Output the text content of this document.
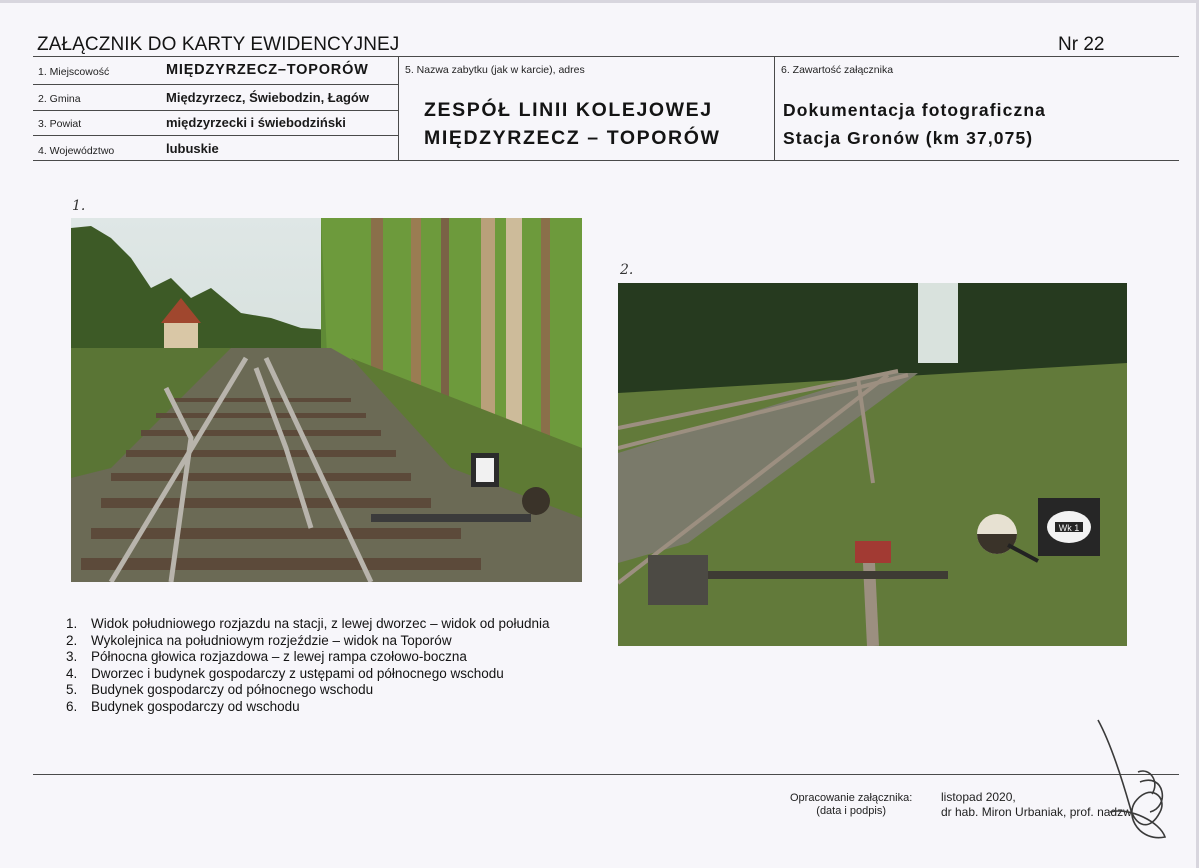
ZAŁĄCZNIK DO KARTY EWIDENCYJNEJ	Nr 22
1. Miejscowość	MIĘDZYRZECZ–TOPORÓW
2. Gmina	Międzyrzecz, Świebodzin, Łagów
3. Powiat	międzyrzecki i świebodziński
4. Województwo	lubuskie
5. Nazwa zabytku (jak w karcie), adres
ZESPÓŁ LINII KOLEJOWEJ
MIĘDZYRZECZ – TOPORÓW
6. Zawartość załącznika
Dokumentacja fotograficzna
Stacja Gronów (km 37,075)
1.
2.
Wk 1
1.	Widok południowego rozjazdu na stacji, z lewej dworzec – widok od południa
2.	Wykolejnica na południowym rozjeździe – widok na Toporów
3.	Północna głowica rozjazdowa – z lewej rampa czołowo-boczna
4.	Dworzec i budynek gospodarczy z ustępami od północnego wschodu
5.	Budynek gospodarczy od północnego wschodu
6.	Budynek gospodarczy od wschodu
Opracowanie załącznika:
(data i podpis)
listopad 2020,
dr hab. Miron Urbaniak, prof. nadzw.
